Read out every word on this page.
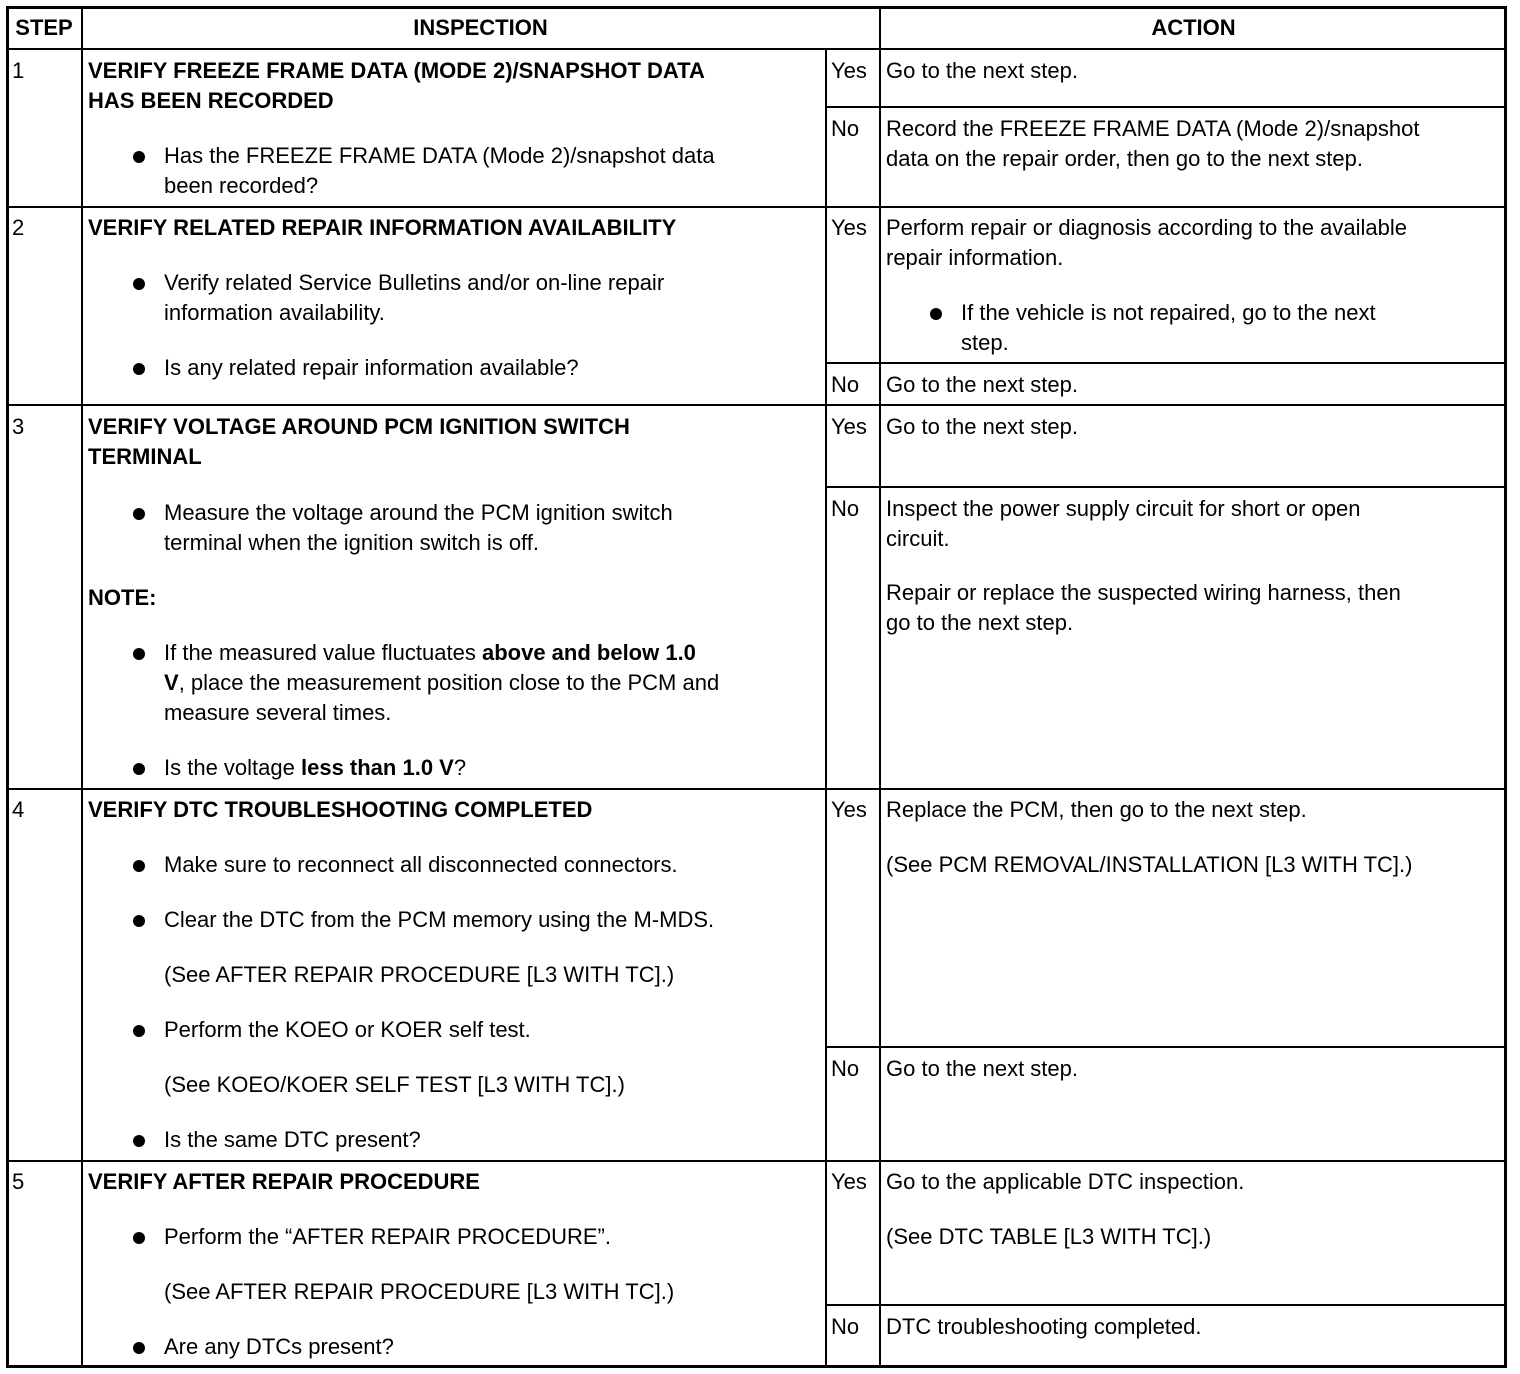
STEP	INSPECTION	ACTION
1	VERIFY FREEZE FRAME DATA (MODE 2)/SNAPSHOT DATA
HAS BEEN RECORDED
Has the FREEZE FRAME DATA (Mode 2)/snapshot data
been recorded?
Yes Go to the next step.
No Record the FREEZE FRAME DATA (Mode 2)/snapshot
data on the repair order, then go to the next step.
2	VERIFY RELATED REPAIR INFORMATION AVAILABILITY
Verify related Service Bulletins and/or on-line repair
information availability.
Is any related repair information available?
Yes Perform repair or diagnosis according to the available
repair information.
If the vehicle is not repaired, go to the next
step.
No Go to the next step.
3	VERIFY VOLTAGE AROUND PCM IGNITION SWITCH
TERMINAL
Measure the voltage around the PCM ignition switch
terminal when the ignition switch is off.
NOTE:
If the measured value fluctuates above and below 1.0
V, place the measurement position close to the PCM and
measure several times.
Is the voltage less than 1.0 V?
Yes Go to the next step.
No Inspect the power supply circuit for short or open
circuit.
Repair or replace the suspected wiring harness, then
go to the next step.
4	VERIFY DTC TROUBLESHOOTING COMPLETED
Make sure to reconnect all disconnected connectors.
Clear the DTC from the PCM memory using the M-MDS.
(See AFTER REPAIR PROCEDURE [L3 WITH TC].)
Perform the KOEO or KOER self test.
(See KOEO/KOER SELF TEST [L3 WITH TC].)
Is the same DTC present?
Yes Replace the PCM, then go to the next step.
(See PCM REMOVAL/INSTALLATION [L3 WITH TC].)
No Go to the next step.
5	VERIFY AFTER REPAIR PROCEDURE
Perform the “AFTER REPAIR PROCEDURE”.
(See AFTER REPAIR PROCEDURE [L3 WITH TC].)
Are any DTCs present?
Yes Go to the applicable DTC inspection.
(See DTC TABLE [L3 WITH TC].)
No DTC troubleshooting completed.
